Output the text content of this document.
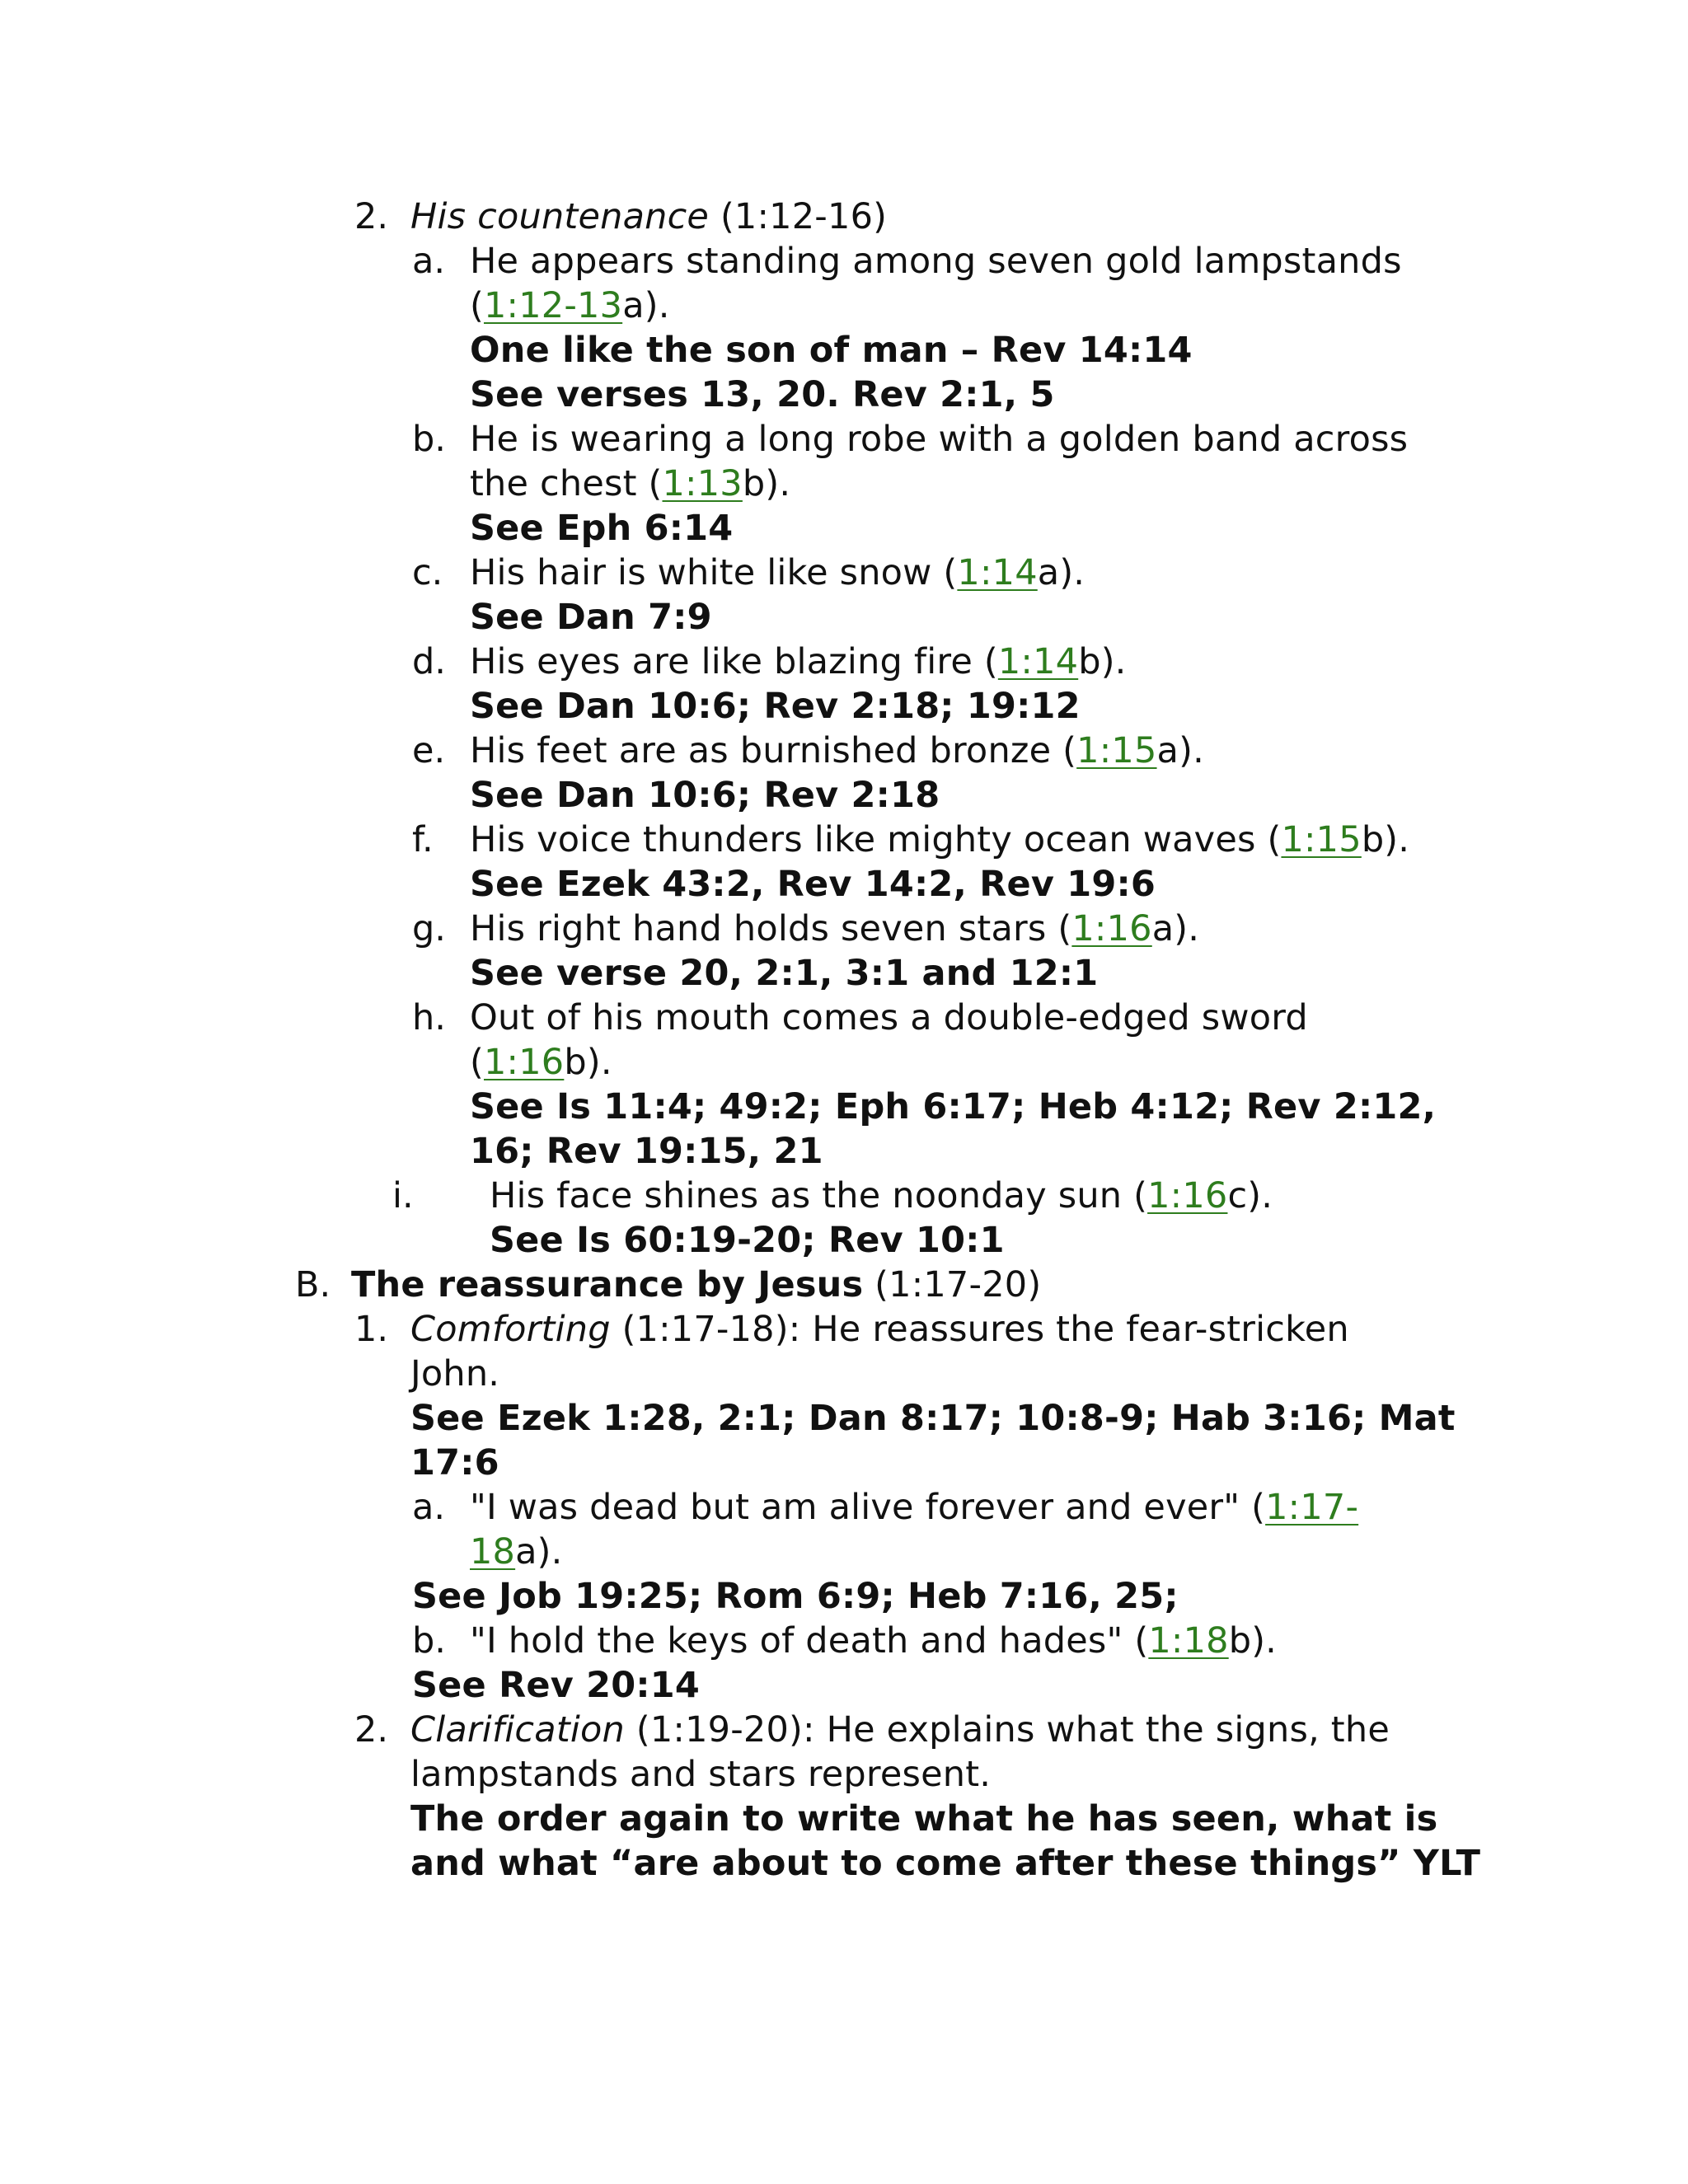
2. His countenance (1:12-16)
a. He appears standing among seven gold lampstands
(1:12-13a).
One like the son of man – Rev 14:14
See verses 13, 20. Rev 2:1, 5
b. He is wearing a long robe with a golden band across
the chest (1:13b).
See Eph 6:14
c. His hair is white like snow (1:14a).
See Dan 7:9
d. His eyes are like blazing fire (1:14b).
See Dan 10:6; Rev 2:18; 19:12
e. His feet are as burnished bronze (1:15a).
See Dan 10:6; Rev 2:18
f. His voice thunders like mighty ocean waves (1:15b).
See Ezek 43:2, Rev 14:2, Rev 19:6
g. His right hand holds seven stars (1:16a).
See verse 20, 2:1, 3:1 and 12:1
h. Out of his mouth comes a double-edged sword
(1:16b).
See Is 11:4; 49:2; Eph 6:17; Heb 4:12; Rev 2:12,
16; Rev 19:15, 21
i. His face shines as the noonday sun (1:16c).
See Is 60:19-20; Rev 10:1
B. The reassurance by Jesus (1:17-20)
1. Comforting (1:17-18): He reassures the fear-stricken
John.
See Ezek 1:28, 2:1; Dan 8:17; 10:8-9; Hab 3:16; Mat
17:6
a. "I was dead but am alive forever and ever" (1:17-
18a).
See Job 19:25; Rom 6:9; Heb 7:16, 25;
b. "I hold the keys of death and hades" (1:18b).
See Rev 20:14
2. Clarification (1:19-20): He explains what the signs, the
lampstands and stars represent.
The order again to write what he has seen, what is
and what “are about to come after these things” YLT
